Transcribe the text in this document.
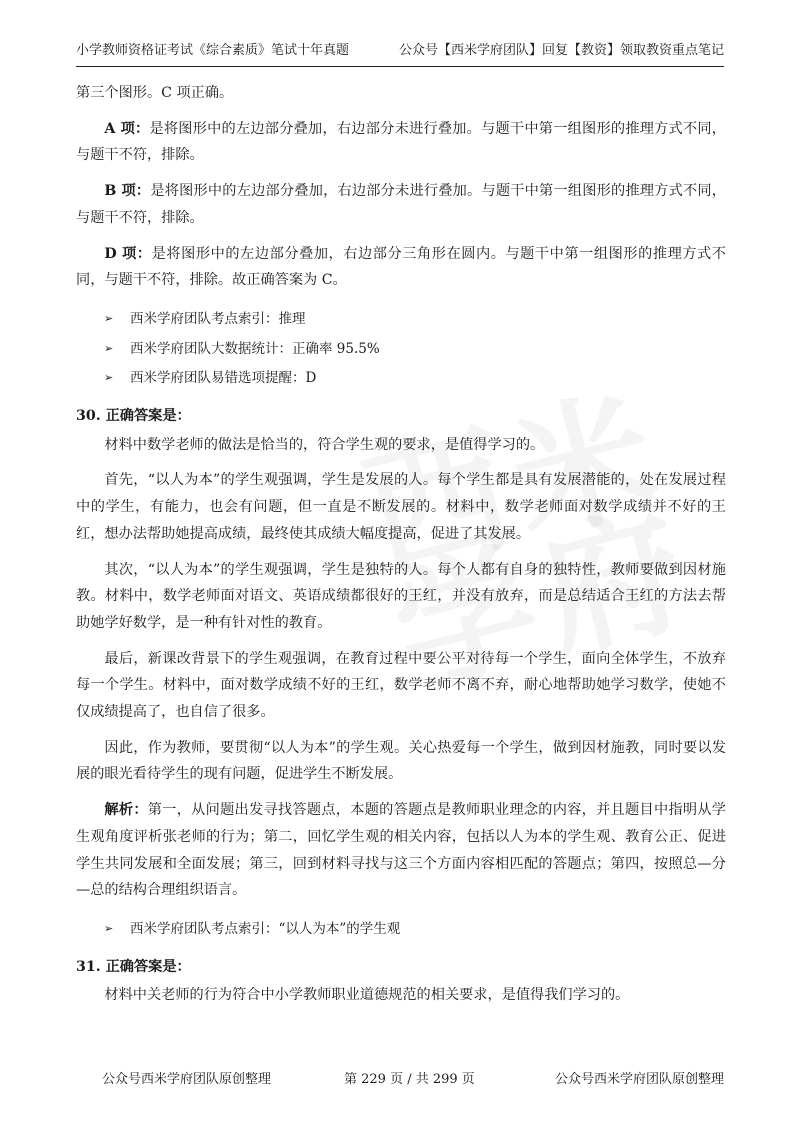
小学教师资格证考试《综合素质》笔试十年真题	公众号【西米学府团队】回复【教资】领取教资重点笔记

第三个图形。C 项正确。

A 项：是将图形中的左边部分叠加，右边部分未进行叠加。与题干中第一组图形的推理方式不同，与题干不符，排除。

B 项：是将图形中的左边部分叠加，右边部分未进行叠加。与题干中第一组图形的推理方式不同，与题干不符，排除。

D 项：是将图形中的左边部分叠加，右边部分三角形在圆内。与题干中第一组图形的推理方式不同，与题干不符，排除。故正确答案为 C。

➢ 西米学府团队考点索引：推理
➢ 西米学府团队大数据统计：正确率 95.5%
➢ 西米学府团队易错选项提醒：D
30. 正确答案是：

材料中数学老师的做法是恰当的，符合学生观的要求，是值得学习的。

首先，“以人为本”的学生观强调，学生是发展的人。每个学生都是具有发展潜能的，处在发展过程中的学生，有能力，也会有问题，但一直是不断发展的。材料中，数学老师面对数学成绩并不好的王红，想办法帮助她提高成绩，最终使其成绩大幅度提高，促进了其发展。

其次，“以人为本”的学生观强调，学生是独特的人。每个人都有自身的独特性，教师要做到因材施教。材料中，数学老师面对语文、英语成绩都很好的王红，并没有放弃，而是总结适合王红的方法去帮助她学好数学，是一种有针对性的教育。

最后，新课改背景下的学生观强调，在教育过程中要公平对待每一个学生，面向全体学生，不放弃每一个学生。材料中，面对数学成绩不好的王红，数学老师不离不弃，耐心地帮助她学习数学，使她不仅成绩提高了，也自信了很多。

因此，作为教师，要贯彻“以人为本”的学生观。关心热爱每一个学生，做到因材施教，同时要以发展的眼光看待学生的现有问题，促进学生不断发展。

解析：第一，从问题出发寻找答题点，本题的答题点是教师职业理念的内容，并且题目中指明从学生观角度评析张老师的行为；第二，回忆学生观的相关内容，包括以人为本的学生观、教育公正、促进学生共同发展和全面发展；第三，回到材料寻找与这三个方面内容相匹配的答题点；第四，按照总—分—总的结构合理组织语言。

➢ 西米学府团队考点索引：“以人为本”的学生观
31. 正确答案是：

材料中关老师的行为符合中小学教师职业道德规范的相关要求，是值得我们学习的。

公众号西米学府团队原创整理	第 229 页 / 共 299 页	公众号西米学府团队原创整理
